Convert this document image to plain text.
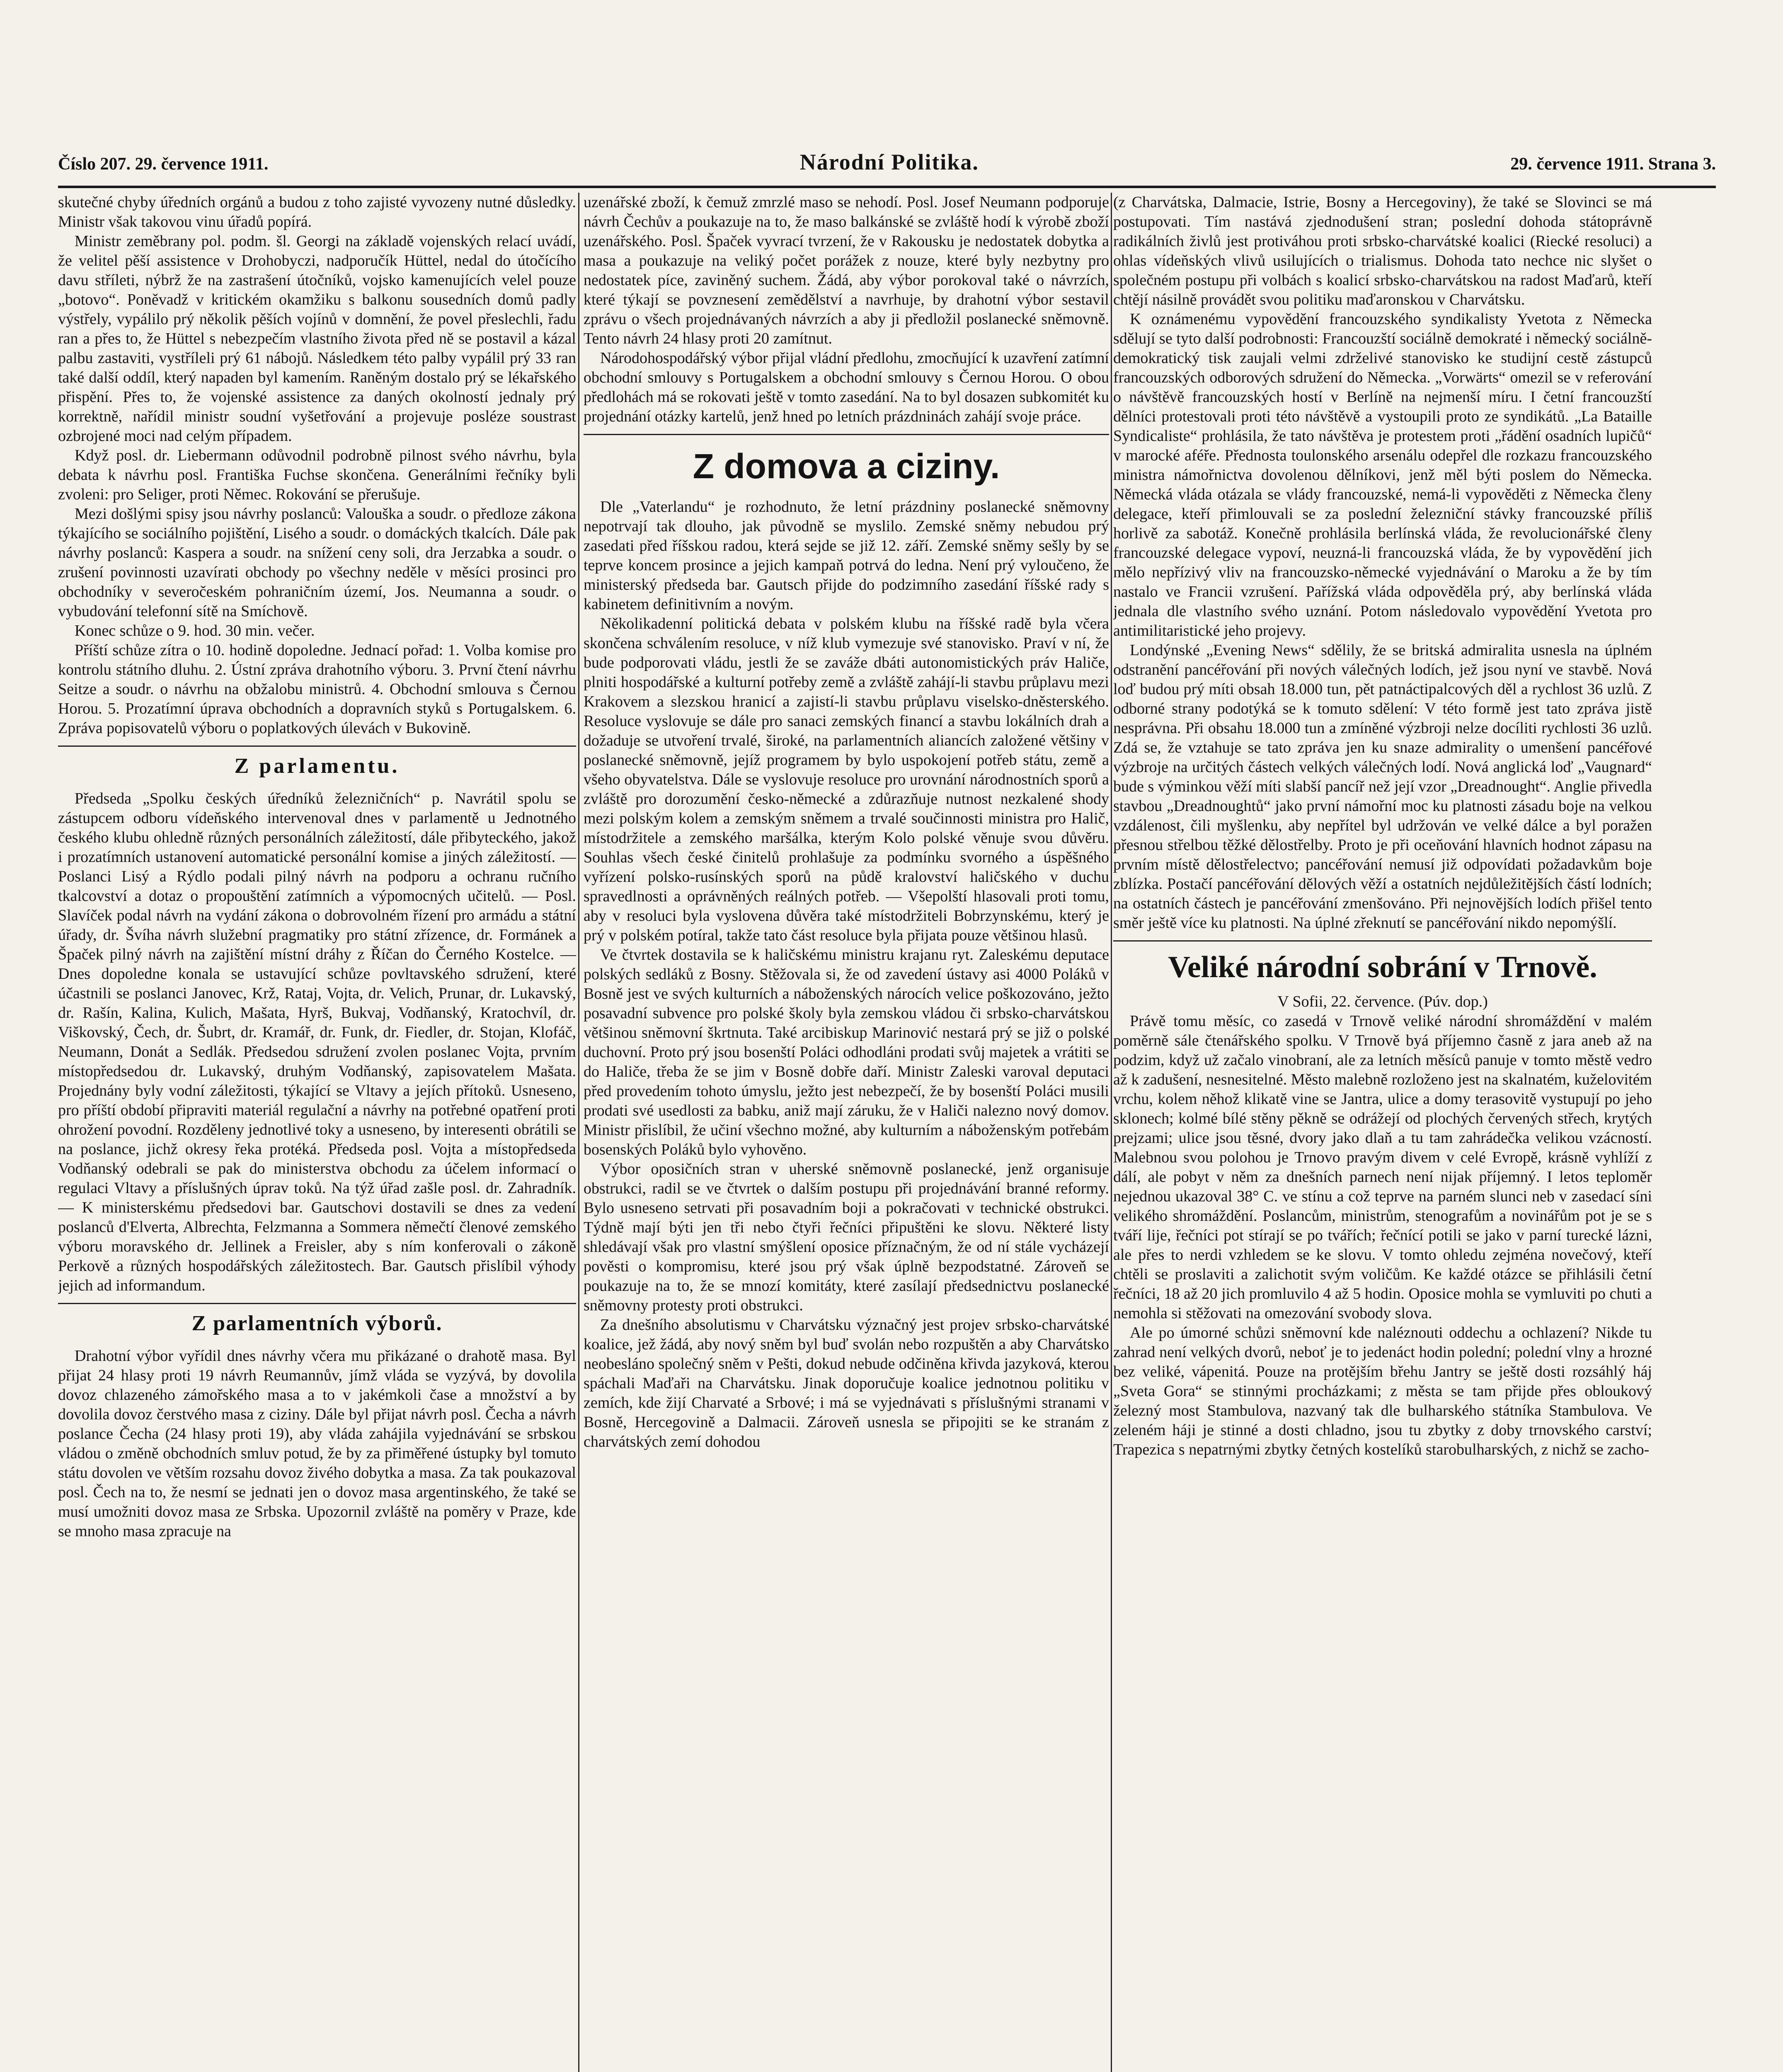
Číslo 207. 29. července 1911.	Národní Politika.	29. července 1911. Strana 3.

skutečné chyby úředních orgánů a budou z toho zajisté vyvozeny nutné důsledky. Ministr však takovou vinu úřadů popírá.

Ministr zeměbrany pol. podm. šl. Georgi na základě vojenských relací uvádí, že velitel pěší assistence v Drohobyczi, nadporučík Hüttel, nedal do útočícího davu stříleti, nýbrž že na zastrašení útočníků, vojsko kamenujících velel pouze „botovo“. Poněvadž v kritickém okamžiku s balkonu sousedních domů padly výstřely, vypálilo prý několik pěších vojínů v domnění, že povel přeslechli, řadu ran a přes to, že Hüttel s nebezpečím vlastního života před ně se postavil a kázal palbu zastaviti, vystříleli prý 61 nábojů. Následkem této palby vypálil prý 33 ran také další oddíl, který napaden byl kamením. Raněným dostalo prý se lékařského přispění. Přes to, že vojenské assistence za daných okolností jednaly prý korrektně, nařídil ministr soudní vyšetřování a projevuje posléze soustrast ozbrojené moci nad celým případem.

Když posl. dr. Liebermann odůvodnil podrobně pilnost svého návrhu, byla debata k návrhu posl. Františka Fuchse skončena. Generálními řečníky byli zvoleni: pro Seliger, proti Němec. Rokování se přerušuje.

Mezi došlými spisy jsou návrhy poslanců: Valouška a soudr. o předloze zákona týkajícího se sociálního pojištění, Lisého a soudr. o domáckých tkalcích. Dále pak návrhy poslanců: Kaspera a soudr. na snížení ceny soli, dra Jerzabka a soudr. o zrušení povinnosti uzavírati obchody po všechny neděle v měsíci prosinci pro obchodníky v severočeském pohraničním území, Jos. Neumanna a soudr. o vybudování telefonní sítě na Smíchově.

Konec schůze o 9. hod. 30 min. večer.

Příští schůze zítra o 10. hodině dopoledne. Jednací pořad: 1. Volba komise pro kontrolu státního dluhu. 2. Ústní zpráva drahotního výboru. 3. První čtení návrhu Seitze a soudr. o návrhu na obžalobu ministrů. 4. Obchodní smlouva s Černou Horou. 5. Prozatímní úprava obchodních a dopravních styků s Portugalskem. 6. Zpráva popisovatelů výboru o poplatkových úlevách v Bukovině.

Z parlamentu.

Předseda „Spolku českých úředníků železničních“ p. Navrátil spolu se zástupcem odboru vídeňského intervenoval dnes v parlamentě u Jednotného českého klubu ohledně různých personálních záležitostí, dále přibyteckého, jakož i prozatímních ustanovení automatické personální komise a jiných záležitostí. — Poslanci Lisý a Rýdlo podali pilný návrh na podporu a ochranu ručního tkalcovství a dotaz o propouštění zatímních a výpomocných učitelů. — Posl. Slavíček podal návrh na vydání zákona o dobrovolném řízení pro armádu a státní úřady, dr. Švíha návrh služební pragmatiky pro státní zřízence, dr. Formánek a Špaček pilný návrh na zajištění místní dráhy z Říčan do Černého Kostelce. — Dnes dopoledne konala se ustavující schůze povltavského sdružení, které účastnili se poslanci Janovec, Krž, Rataj, Vojta, dr. Velich, Prunar, dr. Lukavský, dr. Rašín, Kalina, Kulich, Mašata, Hyrš, Bukvaj, Vodňanský, Kratochvíl, dr. Viškovský, Čech, dr. Šubrt, dr. Kramář, dr. Funk, dr. Fiedler, dr. Stojan, Klofáč, Neumann, Donát a Sedlák. Předsedou sdružení zvolen poslanec Vojta, prvním místopředsedou dr. Lukavský, druhým Vodňanský, zapisovatelem Mašata. Projednány byly vodní záležitosti, týkající se Vltavy a jejích přítoků. Usneseno, pro příští období připraviti materiál regulační a návrhy na potřebné opatření proti ohrožení povodní. Rozděleny jednotlivé toky a usneseno, by interesenti obrátili se na poslance, jichž okresy řeka protéká. Předseda posl. Vojta a místopředseda Vodňanský odebrali se pak do ministerstva obchodu za účelem informací o regulaci Vltavy a příslušných úprav toků. Na týž úřad zašle posl. dr. Zahradník. — K ministerskému předsedovi bar. Gautschovi dostavili se dnes za vedení poslanců d'Elverta, Albrechta, Felzmanna a Sommera němečtí členové zemského výboru moravského dr. Jellinek a Freisler, aby s ním konferovali o zákoně Perkově a různých hospodářských záležitostech. Bar. Gautsch přislíbil výhody jejich ad informandum.

Z parlamentních výborů.

Drahotní výbor vyřídil dnes návrhy včera mu přikázané o drahotě masa. Byl přijat 24 hlasy proti 19 návrh Reumannův, jímž vláda se vyzývá, by dovolila dovoz chlazeného zámořského masa a to v jakémkoli čase a množství a by dovolila dovoz čerstvého masa z ciziny. Dále byl přijat návrh posl. Čecha a návrh poslance Čecha (24 hlasy proti 19), aby vláda zahájila vyjednávání se srbskou vládou o změně obchodních smluv potud, že by za přiměřené ústupky byl tomuto státu dovolen ve větším rozsahu dovoz živého dobytka a masa. Za tak poukazoval posl. Čech na to, že nesmí se jednati jen o dovoz masa argentinského, že také se musí umožniti dovoz masa ze Srbska. Upozornil zvláště na poměry v Praze, kde se mnoho masa zpracuje na

uzenářské zboží, k čemuž zmrzlé maso se nehodí. Posl. Josef Neumann podporuje návrh Čechův a poukazuje na to, že maso balkánské se zvláště hodí k výrobě zboží uzenářského. Posl. Špaček vyvrací tvrzení, že v Rakousku je nedostatek dobytka a masa a poukazuje na veliký počet porážek z nouze, které byly nezbytny pro nedostatek píce, zaviněný suchem. Žádá, aby výbor porokoval také o návrzích, které týkají se povznesení zemědělství a navrhuje, by drahotní výbor sestavil zprávu o všech projednávaných návrzích a aby ji předložil poslanecké sněmovně. Tento návrh 24 hlasy proti 20 zamítnut.

Národohospodářský výbor přijal vládní předlohu, zmocňující k uzavření zatímní obchodní smlouvy s Portugalskem a obchodní smlouvy s Černou Horou. O obou předlohách má se rokovati ještě v tomto zasedání. Na to byl dosazen subkomitét ku projednání otázky kartelů, jenž hned po letních prázdninách zahájí svoje práce.

Z domova a ciziny.

Dle „Vaterlandu“ je rozhodnuto, že letní prázdniny poslanecké sněmovny nepotrvají tak dlouho, jak původně se myslilo. Zemské sněmy nebudou prý zasedati před říšskou radou, která sejde se již 12. září. Zemské sněmy sešly by se teprve koncem prosince a jejich kampaň potrvá do ledna. Není prý vyloučeno, že ministerský předseda bar. Gautsch přijde do podzimního zasedání říšské rady s kabinetem definitivním a novým.

Několikadenní politická debata v polském klubu na říšské radě byla včera skončena schválením resoluce, v níž klub vymezuje své stanovisko. Praví v ní, že bude podporovati vládu, jestli že se zaváže dbáti autonomistických práv Haliče, plniti hospodářské a kulturní potřeby země a zvláště zahájí-li stavbu průplavu mezi Krakovem a slezskou hranicí a zajistí-li stavbu průplavu viselsko-dněsterského. Resoluce vyslovuje se dále pro sanaci zemských financí a stavbu lokálních drah a dožaduje se utvoření trvalé, široké, na parlamentních aliancích založené většiny v poslanecké sněmovně, jejíž programem by bylo uspokojení potřeb státu, země a všeho obyvatelstva. Dále se vyslovuje resoluce pro urovnání národnostních sporů a zvláště pro dorozumění česko-německé a zdůrazňuje nutnost nezkalené shody mezi polským kolem a zemským sněmem a trvalé součinnosti ministra pro Halič, místodržitele a zemského maršálka, kterým Kolo polské věnuje svou důvěru. Souhlas všech české činitelů prohlašuje za podmínku svorného a úspěšného vyřízení polsko-rusínských sporů na půdě kralovství haličského v duchu spravedlnosti a oprávněných reálných potřeb. — Všepolští hlasovali proti tomu, aby v resoluci byla vyslovena důvěra také místodržiteli Bobrzynskému, který je prý v polském potíral, takže tato část resoluce byla přijata pouze většinou hlasů.

Ve čtvrtek dostavila se k haličskému ministru krajanu ryt. Zaleskému deputace polských sedláků z Bosny. Stěžovala si, že od zavedení ústavy asi 4000 Poláků v Bosně jest ve svých kulturních a náboženských nárocích velice poškozováno, ježto posavadní subvence pro polské školy byla zemskou vládou či srbsko-charvátskou většinou sněmovní škrtnuta. Také arcibiskup Marinović nestará prý se již o polské duchovní. Proto prý jsou bosenští Poláci odhodláni prodati svůj majetek a vrátiti se do Haliče, třeba že se jim v Bosně dobře daří. Ministr Zaleski varoval deputaci před provedením tohoto úmyslu, ježto jest nebezpečí, že by bosenští Poláci musili prodati své usedlosti za babku, aniž mají záruku, že v Haliči nalezno nový domov. Ministr přislíbil, že učiní všechno možné, aby kulturním a náboženským potřebám bosenských Poláků bylo vyhověno.

Výbor oposičních stran v uherské sněmovně poslanecké, jenž organisuje obstrukci, radil se ve čtvrtek o dalším postupu při projednávání branné reformy. Bylo usneseno setrvati při posavadním boji a pokračovati v technické obstrukci. Týdně mají býti jen tři nebo čtyři řečníci připuštěni ke slovu. Některé listy shledávají však pro vlastní smýšlení oposice příznačným, že od ní stále vycházejí pověsti o kompromisu, které jsou prý však úplně bezpodstatné. Zároveň se poukazuje na to, že se mnozí komitáty, které zasílají předsednictvu poslanecké sněmovny protesty proti obstrukci.

Za dnešního absolutismu v Charvátsku význačný jest projev srbsko-charvátské koalice, jež žádá, aby nový sněm byl buď svolán nebo rozpuštěn a aby Charvátsko neobesláno společný sněm v Pešti, dokud nebude odčiněna křivda jazyková, kterou spáchali Maďaři na Charvátsku. Jinak doporučuje koalice jednotnou politiku v zemích, kde žijí Charvaté a Srbové; i má se vyjednávati s příslušnými stranami v Bosně, Hercegovině a Dalmacii. Zároveň usnesla se připojiti se ke stranám z charvátských zemí dohodou

(z Charvátska, Dalmacie, Istrie, Bosny a Hercegoviny), že také se Slovinci se má postupovati. Tím nastává zjednodušení stran; poslední dohoda státoprávně radikálních živlů jest protiváhou proti srbsko-charvátské koalici (Riecké resoluci) a ohlas vídeňských vlivů usilujících o trialismus. Dohoda tato nechce nic slyšet o společném postupu při volbách s koalicí srbsko-charvátskou na radost Maďarů, kteří chtějí násilně provádět svou politiku maďaronskou v Charvátsku.

K oznámenému vypovědění francouzského syndikalisty Yvetota z Německa sdělují se tyto další podrobnosti: Francouzští sociálně demokraté i německý sociálně-demokratický tisk zaujali velmi zdrželivé stanovisko ke studijní cestě zástupců francouzských odborových sdružení do Německa. „Vorwärts“ omezil se v referování o návštěvě francouzských hostí v Berlíně na nejmenší míru. I četní francouzští dělníci protestovali proti této návštěvě a vystoupili proto ze syndikátů. „La Bataille Syndicaliste“ prohlásila, že tato návštěva je protestem proti „řádění osadních lupičů“ v marocké aféře. Přednosta toulonského arsenálu odepřel dle rozkazu francouzského ministra námořnictva dovolenou dělníkovi, jenž měl býti poslem do Německa. Německá vláda otázala se vlády francouzské, nemá-li vypověděti z Německa členy delegace, kteří přimlouvali se za poslední železniční stávky francouzské příliš horlivě za sabotáž. Konečně prohlásila berlínská vláda, že revolucionářské členy francouzské delegace vypoví, neuzná-li francouzská vláda, že by vypovědění jich mělo nepřízivý vliv na francouzsko-německé vyjednávání o Maroku a že by tím nastalo ve Francii vzrušení. Pařížská vláda odpověděla prý, aby berlínská vláda jednala dle vlastního svého uznání. Potom následovalo vypovědění Yvetota pro antimilitaristické jeho projevy.

Londýnské „Evening News“ sdělily, že se britská admiralita usnesla na úplném odstranění pancéřování při nových válečných lodích, jež jsou nyní ve stavbě. Nová loď budou prý míti obsah 18.000 tun, pět patnáctipalcových děl a rychlost 36 uzlů. Z odborné strany podotýká se k tomuto sdělení: V této formě jest tato zpráva jistě nesprávna. Při obsahu 18.000 tun a zmíněné výzbroji nelze docíliti rychlosti 36 uzlů. Zdá se, že vztahuje se tato zpráva jen ku snaze admirality o umenšení pancéřové výzbroje na určitých částech velkých válečných lodí. Nová anglická loď „Vaugnard“ bude s výminkou věží míti slabší pancíř než její vzor „Dreadnought“. Anglie přivedla stavbou „Dreadnoughtů“ jako první námořní moc ku platnosti zásadu boje na velkou vzdálenost, čili myšlenku, aby nepřítel byl udržován ve velké dálce a byl poražen přesnou střelbou těžké dělostřelby. Proto je při oceňování hlavních hodnot zápasu na prvním místě dělostřelectvo; pancéřování nemusí již odpovídati požadavkům boje zblízka. Postačí pancéřování dělových věží a ostatních nejdůležitějších částí lodních; na ostatních částech je pancéřování zmenšováno. Při nejnovějších lodích přišel tento směr ještě více ku platnosti. Na úplné zřeknutí se pancéřování nikdo nepomýšlí.

Veliké národní sobrání v Trnově.

V Sofii, 22. července. (Púv. dop.)

Právě tomu měsíc, co zasedá v Trnově veliké národní shromáždění v malém poměrně sále čtenářského spolku. V Trnově byá příjemno časně z jara aneb až na podzim, když už začalo vinobraní, ale za letních měsíců panuje v tomto městě vedro až k zadušení, nesnesitelné. Město malebně rozloženo jest na skalnatém, kuželovitém vrchu, kolem něhož klikatě vine se Jantra, ulice a domy terasovitě vystupují po jeho sklonech; kolmé bílé stěny pěkně se odrážejí od plochých červených střech, krytých prejzami; ulice jsou těsné, dvory jako dlaň a tu tam zahrádečka velikou vzácností. Malebnou svou polohou je Trnovo pravým divem v celé Evropě, krásně vyhlíží z dálí, ale pobyt v něm za dnešních parnech není nijak příjemný. I letos teploměr nejednou ukazoval 38° C. ve stínu a což teprve na parném slunci neb v zasedací síni velikého shromáždění. Poslancům, ministrům, stenografům a novinářům pot je se s tváří lije, řečníci pot stírají se po tvářích; řečnící potili se jako v parní turecké lázni, ale přes to nerdi vzhledem se ke slovu. V tomto ohledu zejména novečový, kteří chtěli se proslaviti a zalichotit svým voličům. Ke každé otázce se přihlásili četní řečníci, 18 až 20 jich promluvilo 4 až 5 hodin. Oposice mohla se vymluviti po chuti a nemohla si stěžovati na omezování svobody slova.

Ale po úmorné schůzi sněmovní kde naléznouti oddechu a ochlazení? Nikde tu zahrad není velkých dvorů, neboť je to jedenáct hodin polední; polední vlny a hrozné bez veliké, vápenitá. Pouze na protějším břehu Jantry se ještě dosti rozsáhlý háj „Sveta Gora“ se stinnými procházkami; z města se tam přijde přes obloukový železný most Stambulova, nazvaný tak dle bulharského státníka Stambulova. Ve zeleném háji je stinné a dosti chladno, jsou tu zbytky z doby trnovského carství; Trapezica s nepatrnými zbytky četných kostelíků starobulharských, z nichž se zacho-
